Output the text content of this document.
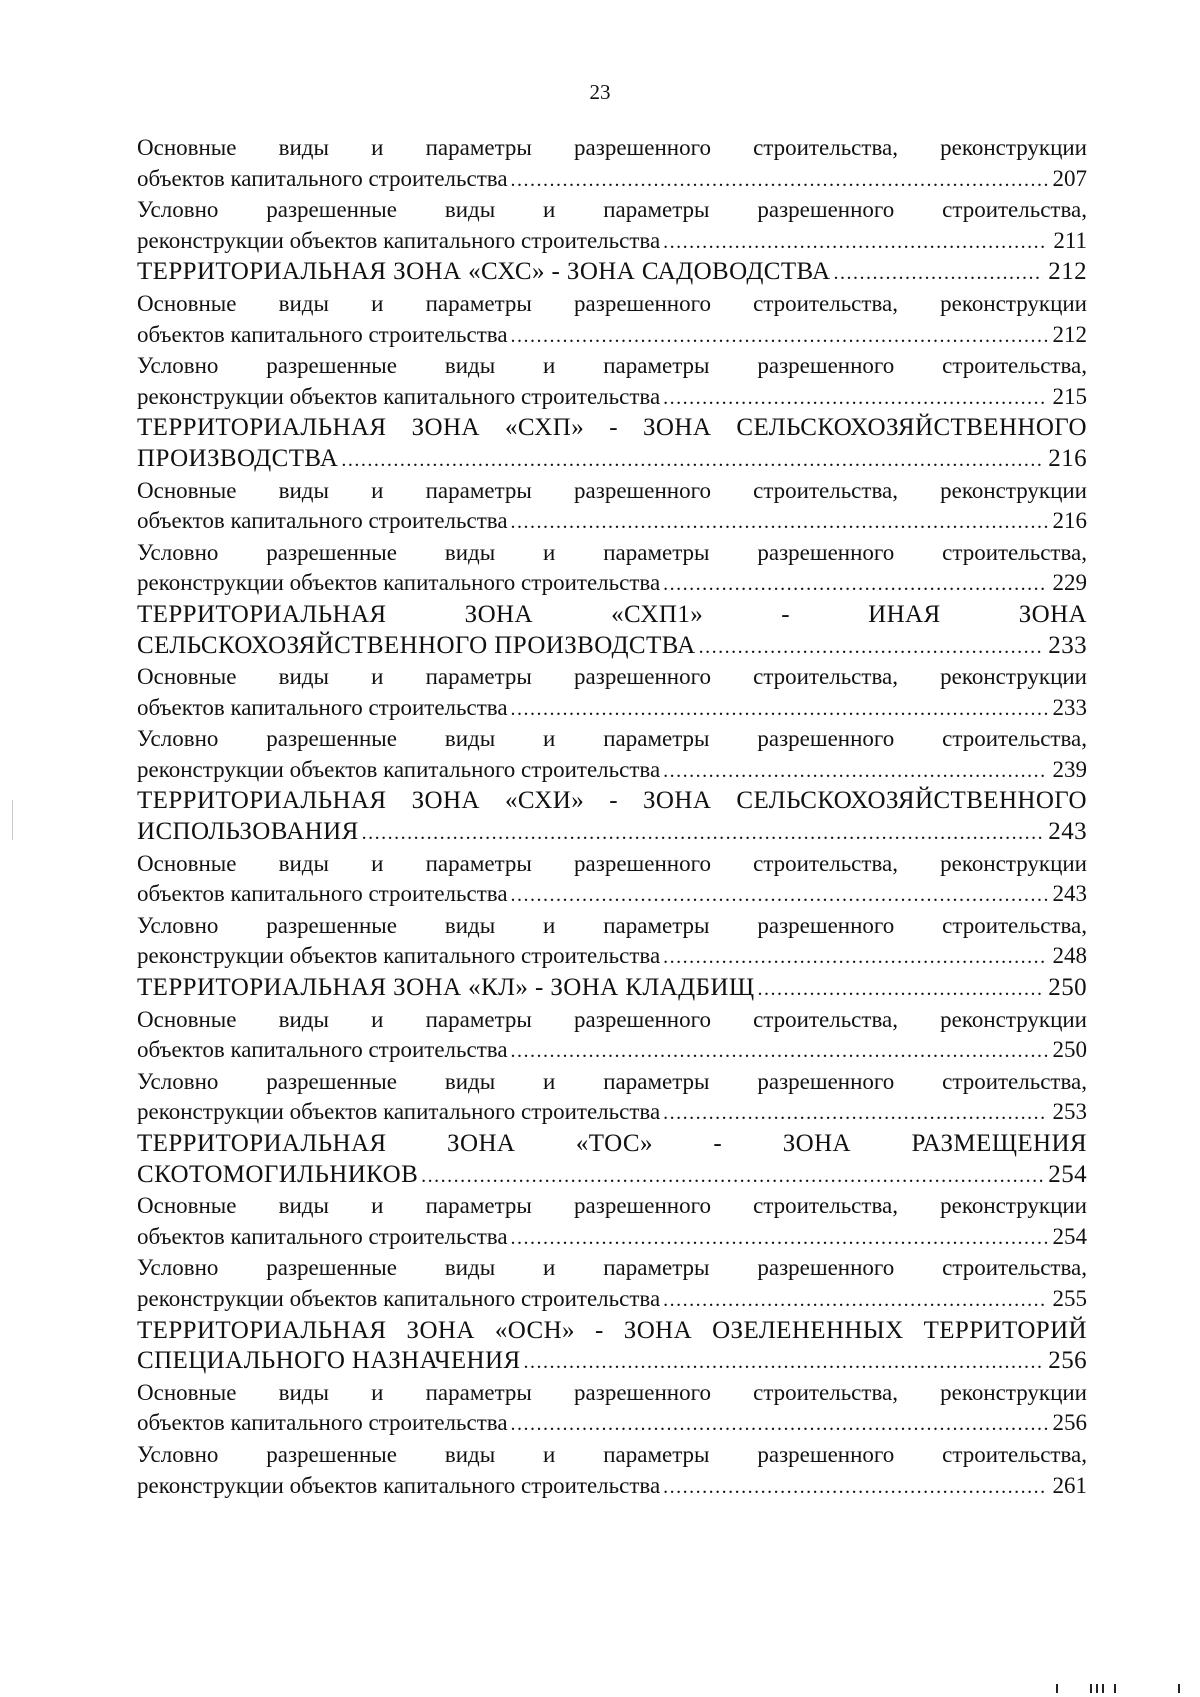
23
Основные виды и параметры разрешенного строительства, реконструкции
объектов капитального строительства .....	207
Условно разрешенные виды и параметры разрешенного строительства,
реконструкции объектов капитального строительства .....	211
ТЕРРИТОРИАЛЬНАЯ ЗОНА «СХС» - ЗОНА САДОВОДСТВА .....	212
Основные виды и параметры разрешенного строительства, реконструкции
объектов капитального строительства .....	212
Условно разрешенные виды и параметры разрешенного строительства,
реконструкции объектов капитального строительства .....	215
ТЕРРИТОРИАЛЬНАЯ ЗОНА «СХП» - ЗОНА СЕЛЬСКОХОЗЯЙСТВЕННОГО
ПРОИЗВОДСТВА .....	216
Основные виды и параметры разрешенного строительства, реконструкции
объектов капитального строительства .....	216
Условно разрешенные виды и параметры разрешенного строительства,
реконструкции объектов капитального строительства .....	229
ТЕРРИТОРИАЛЬНАЯ ЗОНА «СХП1» - ИНАЯ ЗОНА
СЕЛЬСКОХОЗЯЙСТВЕННОГО ПРОИЗВОДСТВА .....	233
Основные виды и параметры разрешенного строительства, реконструкции
объектов капитального строительства .....	233
Условно разрешенные виды и параметры разрешенного строительства,
реконструкции объектов капитального строительства .....	239
ТЕРРИТОРИАЛЬНАЯ ЗОНА «СХИ» - ЗОНА СЕЛЬСКОХОЗЯЙСТВЕННОГО
ИСПОЛЬЗОВАНИЯ .....	243
Основные виды и параметры разрешенного строительства, реконструкции
объектов капитального строительства .....	243
Условно разрешенные виды и параметры разрешенного строительства,
реконструкции объектов капитального строительства .....	248
ТЕРРИТОРИАЛЬНАЯ ЗОНА «КЛ» - ЗОНА КЛАДБИЩ .....	250
Основные виды и параметры разрешенного строительства, реконструкции
объектов капитального строительства .....	250
Условно разрешенные виды и параметры разрешенного строительства,
реконструкции объектов капитального строительства .....	253
ТЕРРИТОРИАЛЬНАЯ ЗОНА «ТОС» - ЗОНА РАЗМЕЩЕНИЯ
СКОТОМОГИЛЬНИКОВ .....	254
Основные виды и параметры разрешенного строительства, реконструкции
объектов капитального строительства .....	254
Условно разрешенные виды и параметры разрешенного строительства,
реконструкции объектов капитального строительства .....	255
ТЕРРИТОРИАЛЬНАЯ ЗОНА «ОСН» - ЗОНА ОЗЕЛЕНЕННЫХ ТЕРРИТОРИЙ
СПЕЦИАЛЬНОГО НАЗНАЧЕНИЯ .....	256
Основные виды и параметры разрешенного строительства, реконструкции
объектов капитального строительства .....	256
Условно разрешенные виды и параметры разрешенного строительства,
реконструкции объектов капитального строительства .....	261
